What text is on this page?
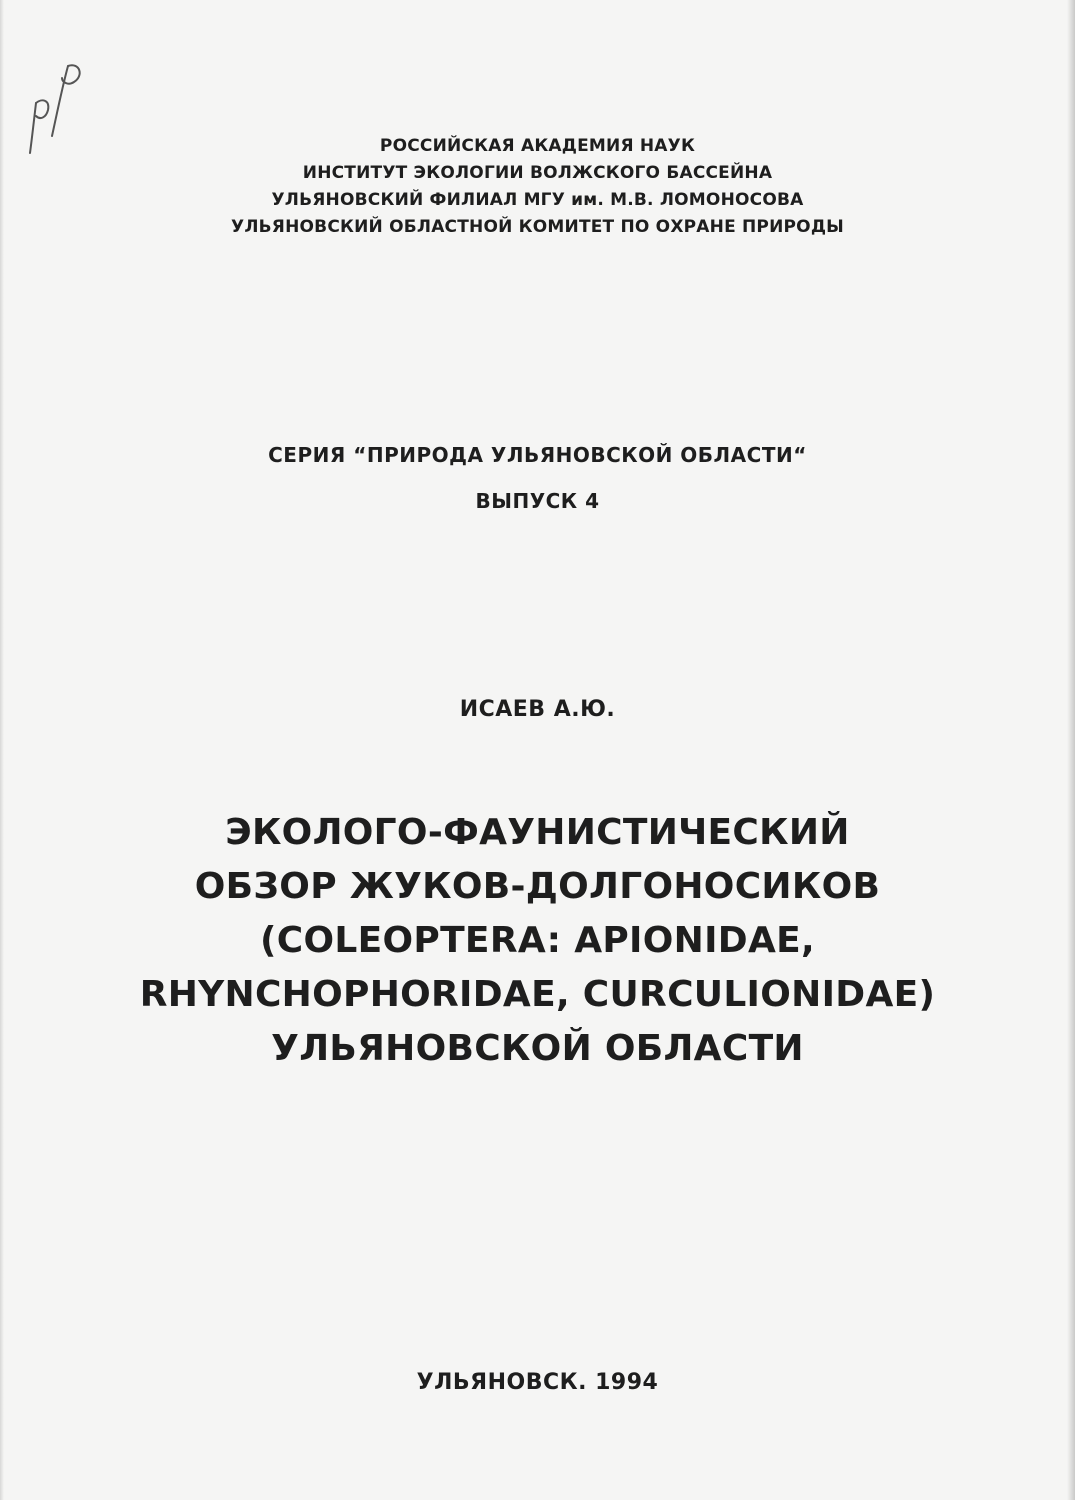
РОССИЙСКАЯ АКАДЕМИЯ НАУК
ИНСТИТУТ ЭКОЛОГИИ ВОЛЖСКОГО БАССЕЙНА
УЛЬЯНОВСКИЙ ФИЛИАЛ МГУ им. М.В. ЛОМОНОСОВА
УЛЬЯНОВСКИЙ ОБЛАСТНОЙ КОМИТЕТ ПО ОХРАНЕ ПРИРОДЫ
СЕРИЯ “ПРИРОДА УЛЬЯНОВСКОЙ ОБЛАСТИ“
ВЫПУСК 4
ИСАЕВ А.Ю.
ЭКОЛОГО-ФАУНИСТИЧЕСКИЙ
ОБЗОР ЖУКОВ-ДОЛГОНОСИКОВ
(COLEOPTERA: APIONIDAE,
RHYNCHOPHORIDAE, CURCULIONIDAE)
УЛЬЯНОВСКОЙ ОБЛАСТИ
УЛЬЯНОВСК. 1994
